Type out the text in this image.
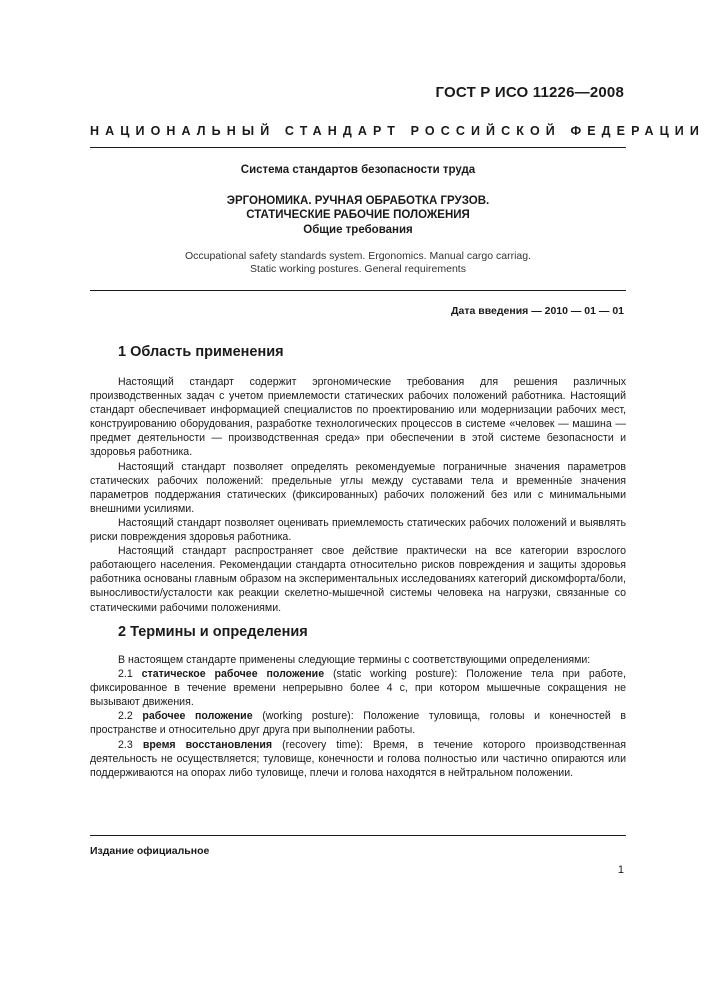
ГОСТ Р ИСО 11226—2008
НАЦИОНАЛЬНЫЙ СТАНДАРТ РОССИЙСКОЙ ФЕДЕРАЦИИ
Система стандартов безопасности труда
ЭРГОНОМИКА. РУЧНАЯ ОБРАБОТКА ГРУЗОВ.
СТАТИЧЕСКИЕ РАБОЧИЕ ПОЛОЖЕНИЯ
Общие требования
Occupational safety standards system. Ergonomics. Manual cargo carriag.
Static working postures. General requirements
Дата введения — 2010 — 01 — 01
1 Область применения

Настоящий стандарт содержит эргономические требования для решения различных производственных задач с учетом приемлемости статических рабочих положений работника. Настоящий стандарт обеспечивает информацией специалистов по проектированию или модернизации рабочих мест, конструированию оборудования, разработке технологических процессов в системе «человек — машина — предмет деятельности — производственная среда» при обеспечении в этой системе безопасности и здоровья работника.

Настоящий стандарт позволяет определять рекомендуемые пограничные значения параметров статических рабочих положений: предельные углы между суставами тела и временны́е значения параметров поддержания статических (фиксированных) рабочих положений без или с минимальными внешними усилиями.

Настоящий стандарт позволяет оценивать приемлемость статических рабочих положений и выявлять риски повреждения здоровья работника.

Настоящий стандарт распространяет свое действие практически на все категории взрослого работающего населения. Рекомендации стандарта относительно рисков повреждения и защиты здоровья работника основаны главным образом на экспериментальных исследованиях категорий дискомфорта/боли, выносливости/усталости как реакции скелетно-мышечной системы человека на нагрузки, связанные со статическими рабочими положениями.

2 Термины и определения

В настоящем стандарте применены следующие термины с соответствующими определениями:

2.1 статическое рабочее положение (static working posture): Положение тела при работе, фиксированное в течение времени непрерывно более 4 с, при котором мышечные сокращения не вызывают движения.

2.2 рабочее положение (working posture): Положение туловища, головы и конечностей в пространстве и относительно друг друга при выполнении работы.

2.3 время восстановления (recovery time): Время, в течение которого производственная деятельность не осуществляется; туловище, конечности и голова полностью или частично опираются или поддерживаются на опорах либо туловище, плечи и голова находятся в нейтральном положении.

Издание официальное
1
